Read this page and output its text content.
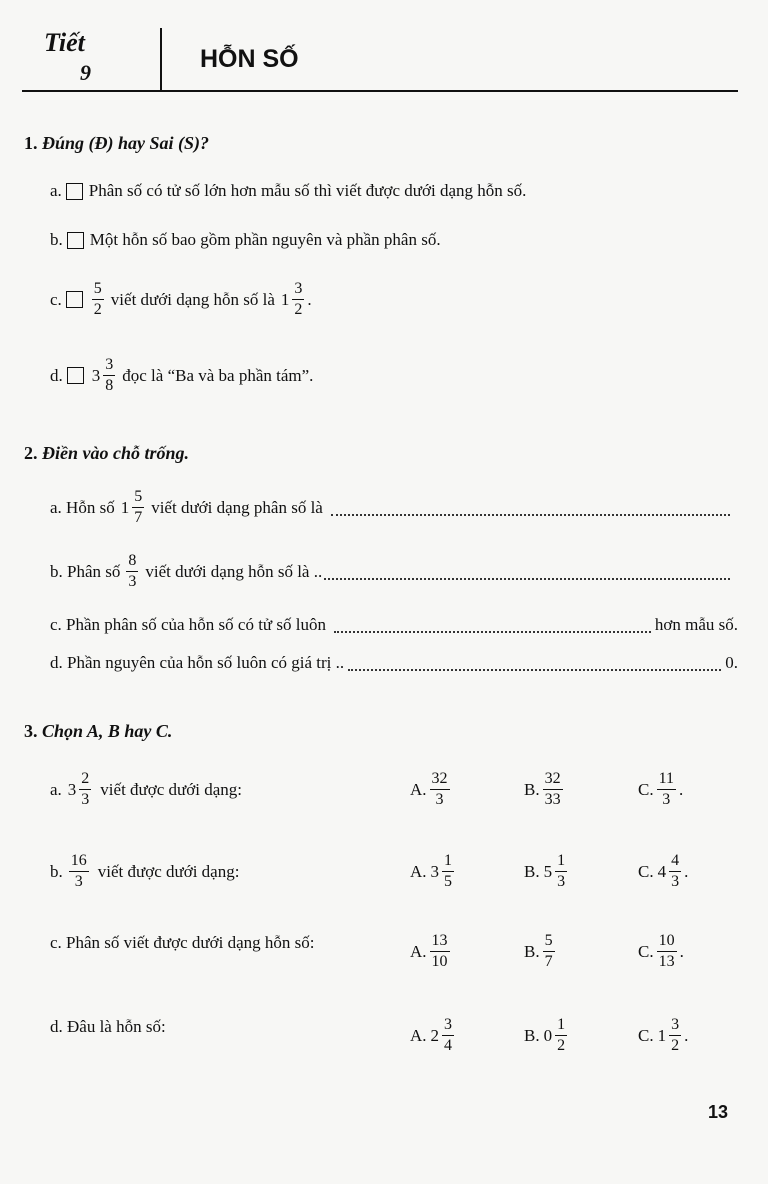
Tiết
9	HỖN SỐ
1. Đúng (Đ) hay Sai (S)?
a. Phân số có tử số lớn hơn mẫu số thì viết được dưới dạng hỗn số.
b. Một hỗn số bao gồm phần nguyên và phần phân số.
c. $\frac{5}{2}$ viết dưới dạng hỗn số là $1 \frac{3}{2}$ .
d. $3 \frac{3}{8}$ đọc là “Ba và ba phần tám”.
2. Điền vào chỗ trống.
a.
Hỗn số $1 \frac{5}{7}$ viết dưới dạng phân số là
b.
Phân số $\frac{8}{3}$ viết dưới dạng hỗn số là ..
c.
Phần phân số của hỗn số có tử số luôn	hơn mẫu số.
d.
Phần nguyên của hỗn số luôn có giá trị ..	0.
3. Chọn A, B hay C.
a. $3 \frac{2}{3}$ viết được dưới dạng:	A. $\frac{32}{3}$	B. $\frac{32}{33}$	C. $\frac{11}{3}$ .
b. $\frac{16}{3}$ viết được dưới dạng:	A. $3 \frac{1}{5}$	B. $5 \frac{1}{3}$	C. $4 \frac{4}{3}$ .
c.
Phân số viết được dưới dạng hỗn số:	A. $\frac{13}{10}$	B. $\frac{5}{7}$	C. $\frac{10}{13}$ .
d.
Đâu là hỗn số:	A. $2 \frac{3}{4}$	B. $0 \frac{1}{2}$	C. $1 \frac{3}{2}$ .
13
